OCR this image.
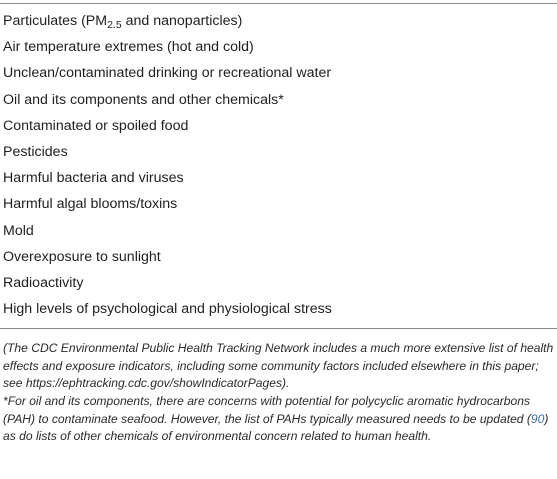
Particulates ($PM_{2.5}$ and nanoparticles)
Air temperature extremes (hot and cold)
Unclean/contaminated drinking or recreational water
Oil and its components and other chemicals*
Contaminated or spoiled food
Pesticides
Harmful bacteria and viruses
Harmful algal blooms/toxins
Mold
Overexposure to sunlight
Radioactivity
High levels of psychological and physiological stress

(The CDC Environmental Public Health Tracking Network includes a much more extensive list of health effects and exposure indicators, including some community factors included elsewhere in this paper; see https://ephtracking.cdc.gov/showIndicatorPages).

*For oil and its components, there are concerns with potential for polycyclic aromatic hydrocarbons (PAH) to contaminate seafood. However, the list of PAHs typically measured needs to be updated (90) as do lists of other chemicals of environmental concern related to human health.
